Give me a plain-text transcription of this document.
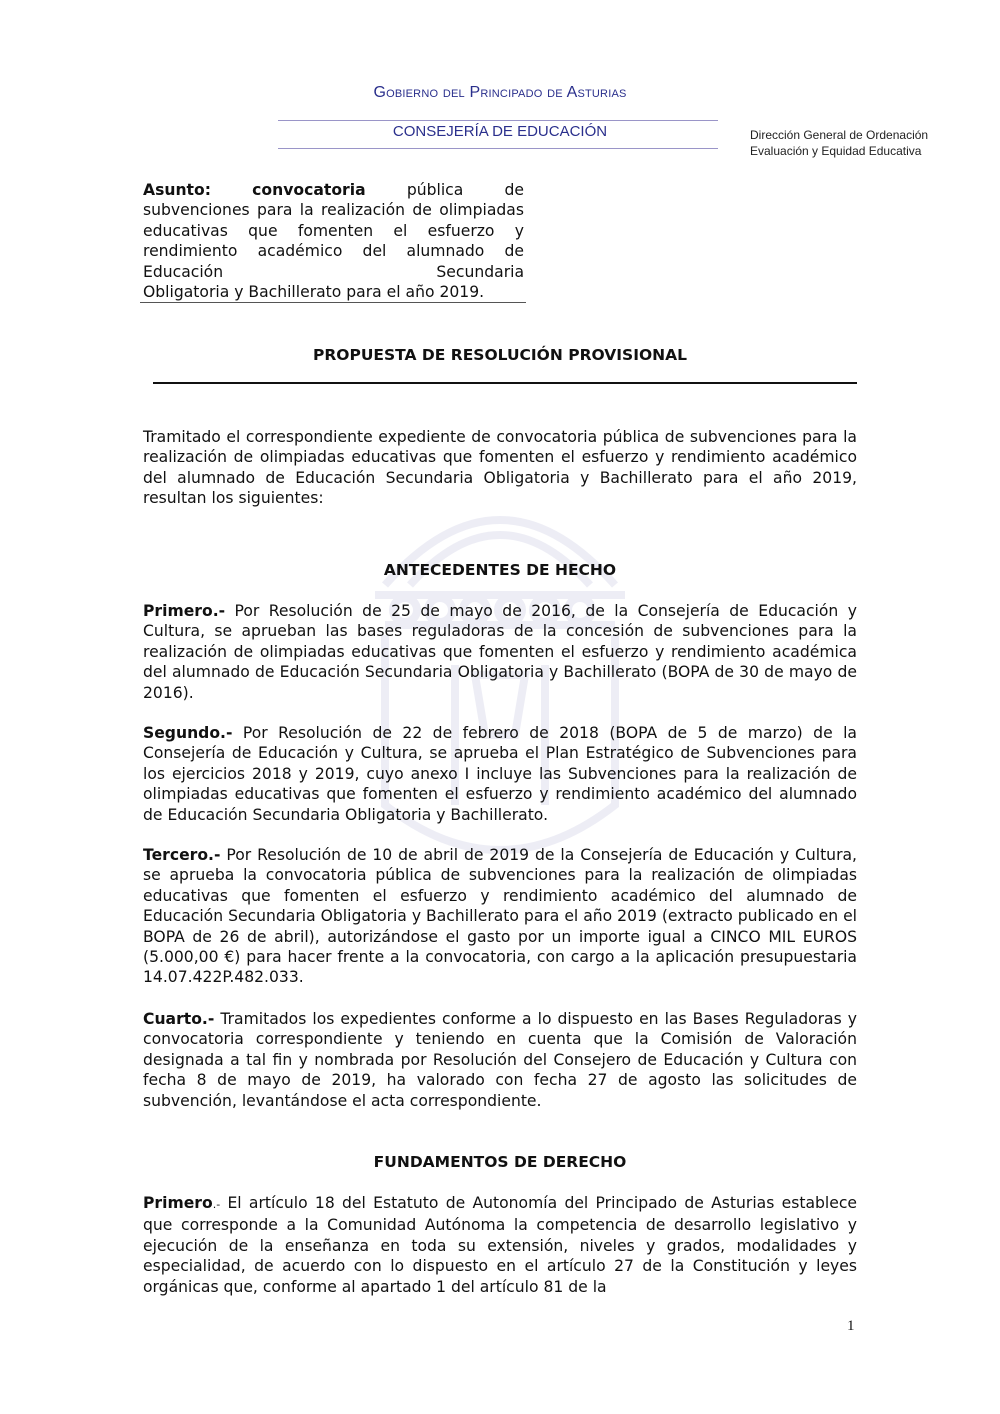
Gobierno del Principado de Asturias
CONSEJERÍA DE EDUCACIÓN	Dirección General de Ordenación
Evaluación y Equidad Educativa
Asunto:	convocatoria	pública de subvenciones para la realización de olimpiadas educativas que fomenten el esfuerzo y rendimiento académico del alumnado de Educación Secundaria
Obligatoria y Bachillerato para el año 2019.
PROPUESTA DE RESOLUCIÓN PROVISIONAL
Tramitado el correspondiente expediente de convocatoria pública de subvenciones para la realización de olimpiadas educativas que fomenten el esfuerzo y rendimiento académico del alumnado de Educación Secundaria Obligatoria y Bachillerato para el año 2019, resultan los siguientes:
ANTECEDENTES DE HECHO
Primero.- Por Resolución de 25 de mayo de 2016, de la Consejería de Educación y Cultura, se aprueban las bases reguladoras de la concesión de subvenciones para la realización de olimpiadas educativas que fomenten el esfuerzo y rendimiento académica del alumnado de Educación Secundaria Obligatoria y Bachillerato (BOPA de 30 de mayo de 2016).
Segundo.- Por Resolución de 22 de febrero de 2018 (BOPA de 5 de marzo) de la Consejería de Educación y Cultura, se aprueba el Plan Estratégico de Subvenciones para los ejercicios 2018 y 2019, cuyo anexo I incluye las Subvenciones para la realización de olimpiadas educativas que fomenten el esfuerzo y rendimiento académico del alumnado de Educación Secundaria Obligatoria y Bachillerato.
Tercero.- Por Resolución de 10 de abril de 2019 de la Consejería de Educación y Cultura, se aprueba la convocatoria pública de subvenciones para la realización de olimpiadas educativas que fomenten el esfuerzo y rendimiento académico del alumnado de Educación Secundaria Obligatoria y Bachillerato para el año 2019 (extracto publicado en el BOPA de 26 de abril), autorizándose el gasto por un importe igual a CINCO MIL EUROS (5.000,00 €) para hacer frente a la convocatoria, con cargo a la aplicación presupuestaria 14.07.422P.482.033.
Cuarto.- Tramitados los expedientes conforme a lo dispuesto en las Bases Reguladoras y convocatoria correspondiente y teniendo en cuenta que la Comisión de Valoración designada a tal fin y nombrada por Resolución del Consejero de Educación y Cultura con fecha 8 de mayo de 2019, ha valorado con fecha 27 de agosto las solicitudes de subvención, levantándose el acta correspondiente.
FUNDAMENTOS DE DERECHO
Primero.- El artículo 18 del Estatuto de Autonomía del Principado de Asturias establece que corresponde a la Comunidad Autónoma la competencia de desarrollo legislativo y ejecución de la enseñanza en toda su extensión, niveles y grados, modalidades y especialidad, de acuerdo con lo dispuesto en el artículo 27 de la Constitución y leyes orgánicas que, conforme al apartado 1 del artículo 81 de la
1
